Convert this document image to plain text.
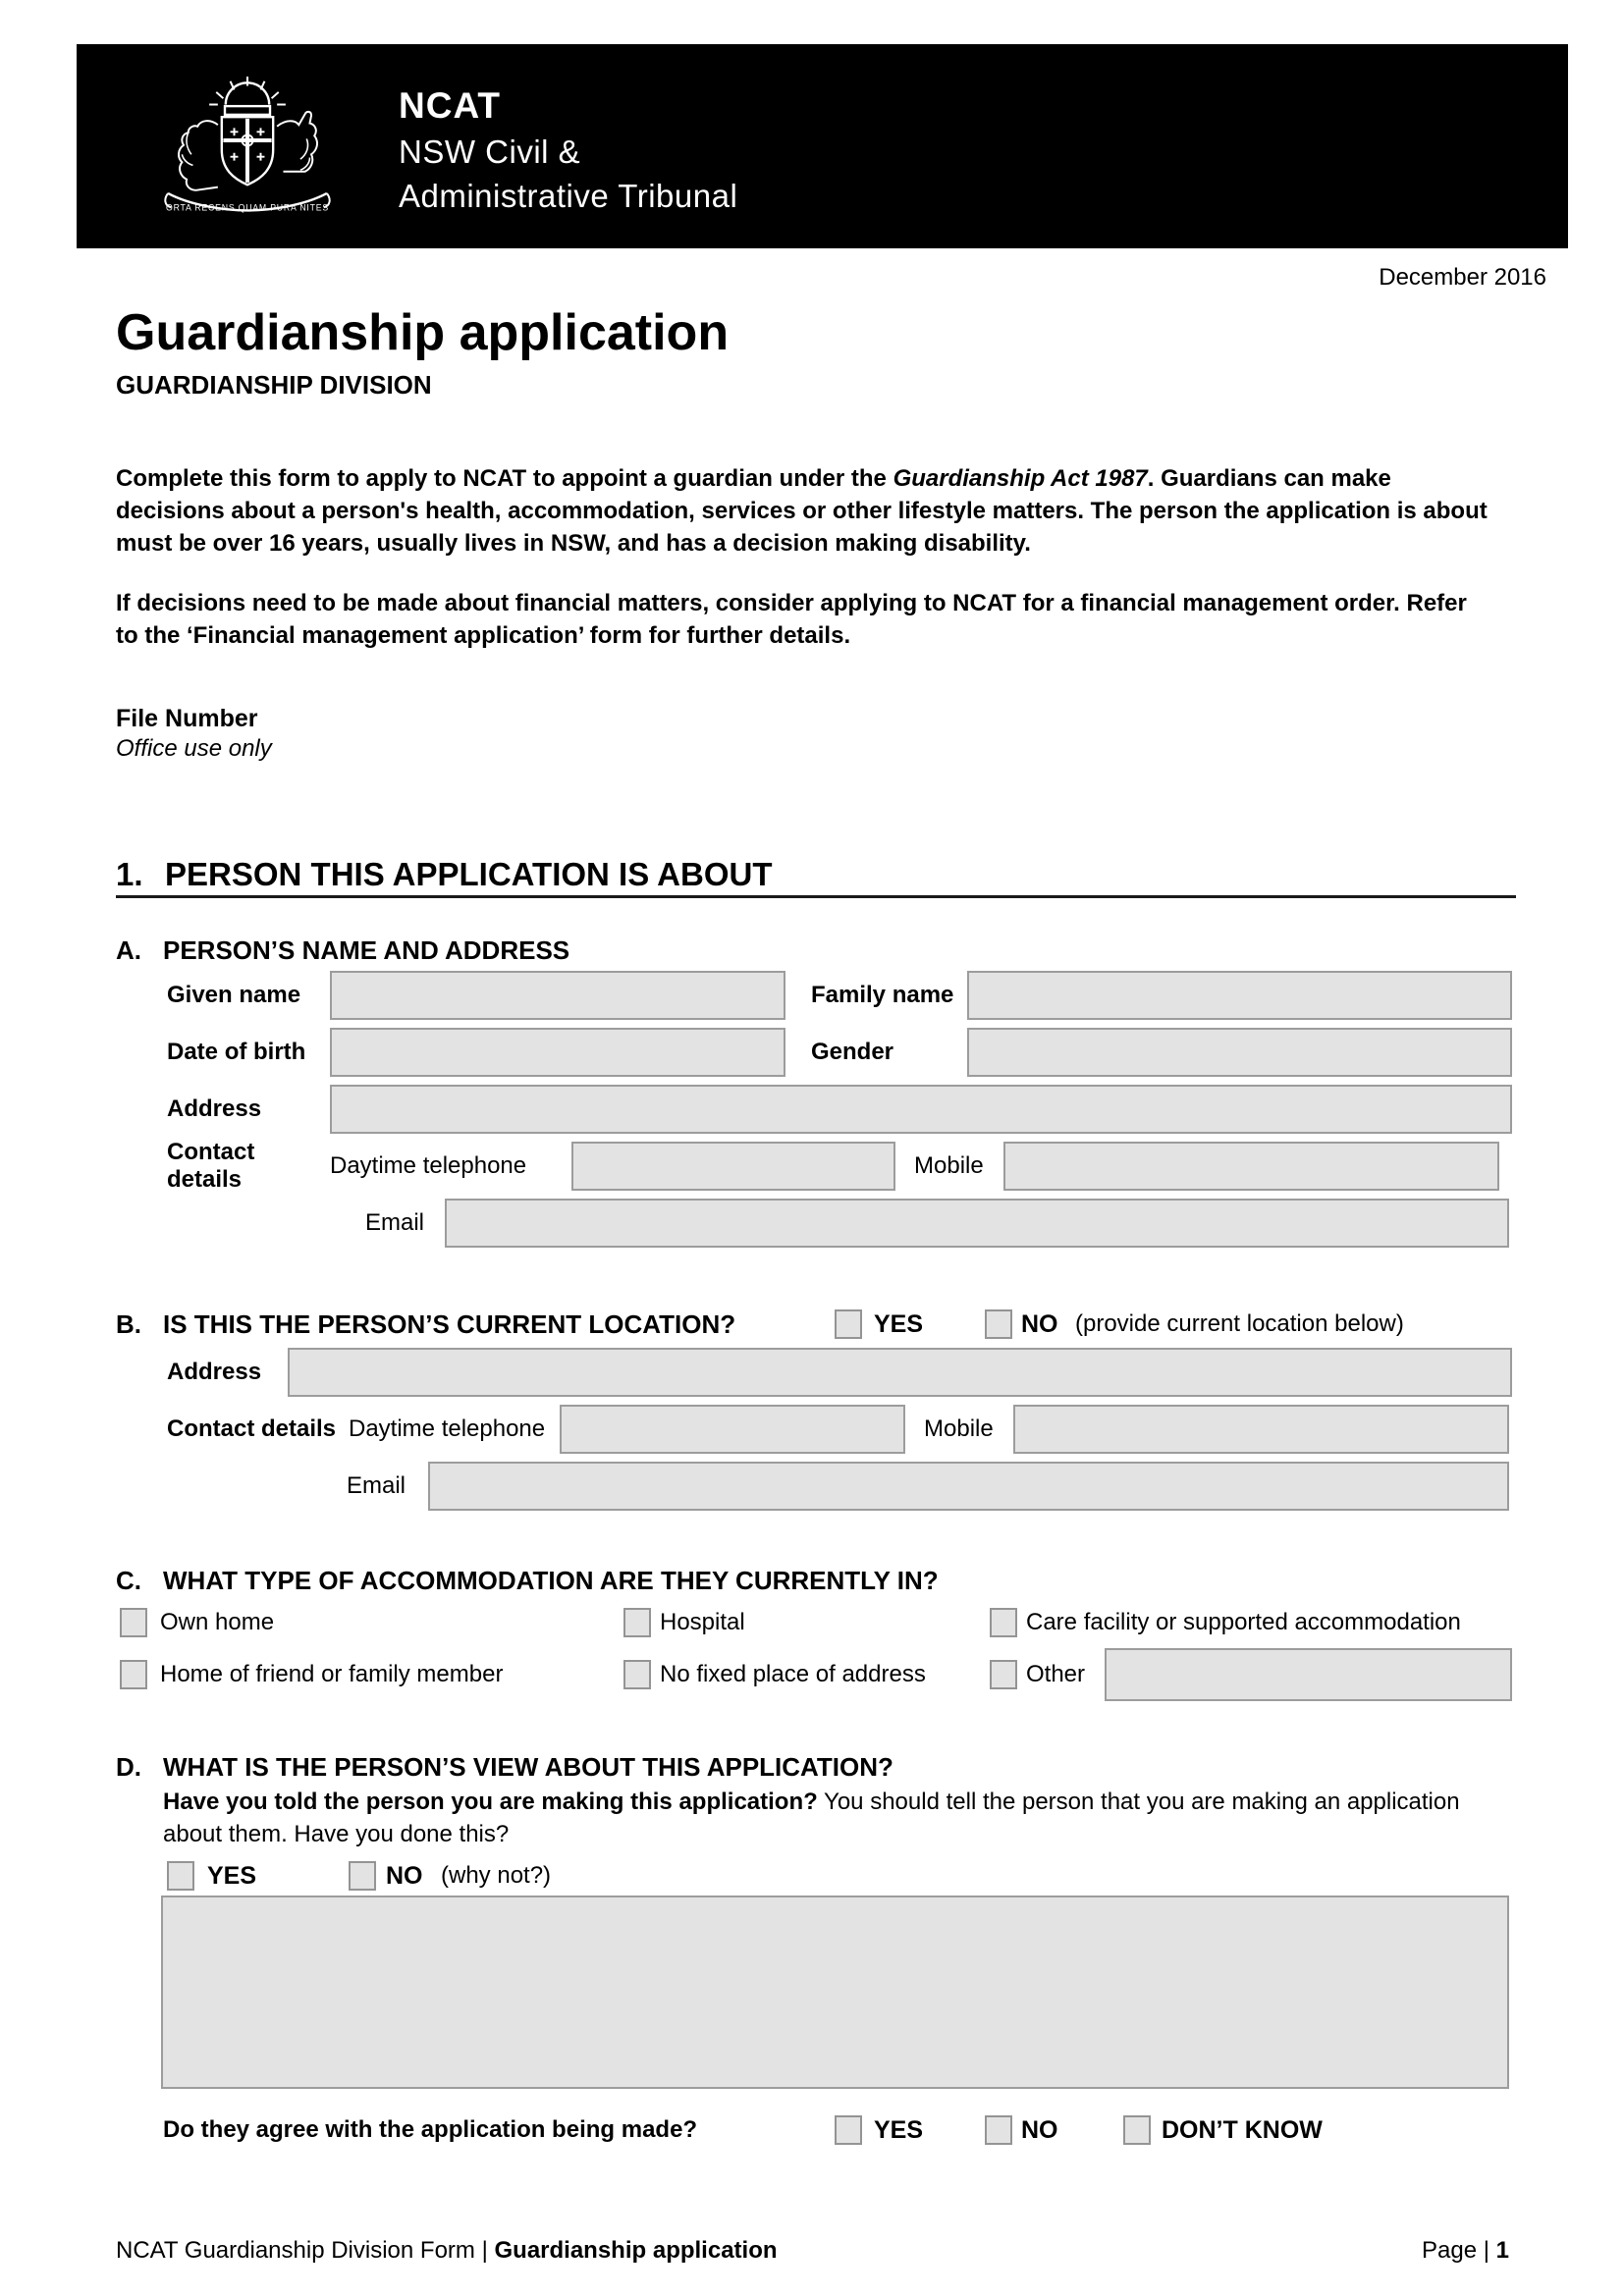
ORTA RECENS QUAM PURA NITES
NCAT
NSW Civil &
Administrative Tribunal
December 2016
Guardianship application
GUARDIANSHIP DIVISION

Complete this form to apply to NCAT to appoint a guardian under the Guardianship Act 1987. Guardians can make decisions about a person's health, accommodation, services or other lifestyle matters. The person the application is about must be over 16 years, usually lives in NSW, and has a decision making disability.

If decisions need to be made about financial matters, consider applying to NCAT for a financial management order. Refer to the ‘Financial management application’ form for further details.

File Number
Office use only
1. PERSON THIS APPLICATION IS ABOUT
A. PERSON’S NAME AND ADDRESS
Given name	Family name
Date of birth	Gender
Address
Contact details
Daytime telephone	Mobile
Email
B. IS THIS THE PERSON’S CURRENT LOCATION?	YES	NO (provide current location below)
Address
Contact details Daytime telephone	Mobile
Email
C. WHAT TYPE OF ACCOMMODATION ARE THEY CURRENTLY IN?
Own home	Hospital	Care facility or supported accommodation
Home of friend or family member	No fixed place of address	Other
D. WHAT IS THE PERSON’S VIEW ABOUT THIS APPLICATION?

Have you told the person you are making this application? You should tell the person that you are making an application about them. Have you done this?

YES	NO (why not?)
Do they agree with the application being made?	YES	NO	DON’T KNOW
NCAT Guardianship Division Form | Guardianship application	Page | 1
